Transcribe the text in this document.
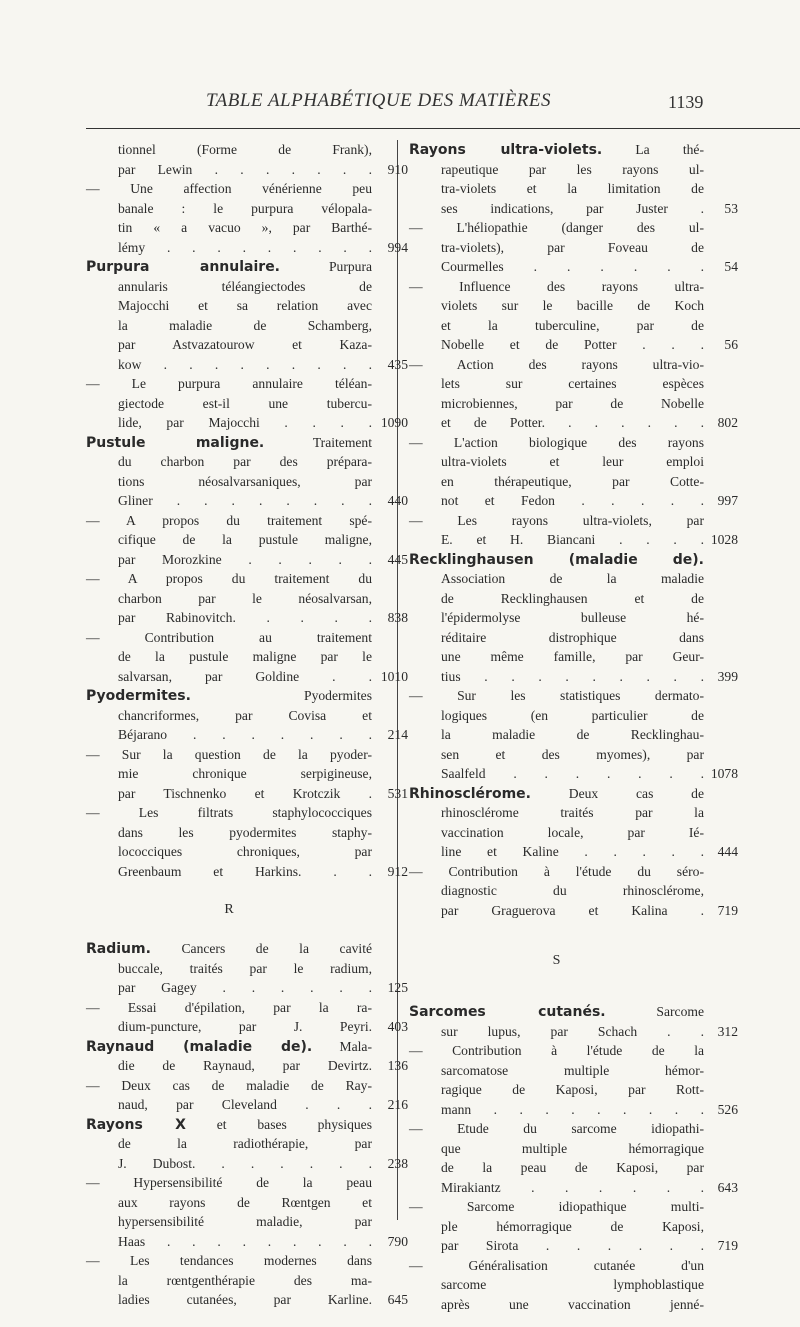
TABLE ALPHABÉTIQUE DES MATIÈRES	1139
tionnel (Forme de Frank),
par Lewin . . . . . . .	910
— Une affection vénérienne peu
banale : le purpura vélopala-
tin « a vacuo », par Barthé-
lémy . . . . . . . . .	994
Purpura annulaire. Purpura
annularis téléangiectodes de
Majocchi et sa relation avec
la maladie de Schamberg,
par Astvazatourow et Kaza-
kow . . . . . . . . .	435
— Le purpura annulaire téléan-
giectode est-il une tubercu-
lide, par Majocchi . . . . 1090
Pustule maligne. Traitement
du charbon par des prépara-
tions néosalvarsaniques, par
Gliner . . . . . . . .	440
— A propos du traitement spé-
cifique de la pustule maligne,
par Morozkine . . . . .	445
— A propos du traitement du
charbon par le néosalvarsan,
par Rabinovitch. . . . .	838
— Contribution au traitement
de la pustule maligne par le
salvarsan, par Goldine . . 1010
Pyodermites. Pyodermites
chancriformes, par Covisa et
Béjarano . . . . . . .	214
— Sur la question de la pyoder-
mie chronique serpigineuse,
par Tischnenko et Krotczik .	531
— Les filtrats staphylococciques
dans les pyodermites staphy-
lococciques chroniques, par
Greenbaum et Harkins. . .	912
R
Radium. Cancers de la cavité
buccale, traités par le radium,
par Gagey . . . . . .	125
— Essai d'épilation, par la ra-
dium-puncture, par J. Peyri.	403
Raynaud (maladie de). Mala-
die de Raynaud, par Devirtz.	136
— Deux cas de maladie de Ray-
naud, par Cleveland . . .	216
Rayons X et bases physiques
de la radiothérapie, par
J. Dubost. . . . . . .	238
— Hypersensibilité de la peau
aux rayons de Rœntgen et
hypersensibilité maladie, par
Haas . . . . . . . . .	790
— Les tendances modernes dans
la rœntgenthérapie des ma-
ladies cutanées, par Karline.	645
Rayons ultra-violets. La thé-
rapeutique par les rayons ul-
tra-violets et la limitation de
ses indications, par Juster .	53
— L'héliopathie (danger des ul-
tra-violets), par Foveau de
Courmelles . . . . . .	54
— Influence des rayons ultra-
violets sur le bacille de Koch
et la tuberculine, par de
Nobelle et de Potter . . .	56
— Action des rayons ultra-vio-
lets sur certaines espèces
microbiennes, par de Nobelle
et de Potter. . . . . . .	802
— L'action biologique des rayons
ultra-violets et leur emploi
en thérapeutique, par Cotte-
not et Fedon . . . . .	997
— Les rayons ultra-violets, par
E. et H. Biancani . . . . 1028
Recklinghausen (maladie de).
Association de la maladie
de Recklinghausen et de
l'épidermolyse bulleuse hé-
réditaire distrophique dans
une même famille, par Geur-
tius . . . . . . . . .	399
— Sur les statistiques dermato-
logiques (en particulier de
la maladie de Recklinghau-
sen et des myomes), par
Saalfeld . . . . . . . 1078
Rhinosclérome. Deux cas de
rhinosclérome traités par la
vaccination locale, par Ié-
line et Kaline . . . . .	444
— Contribution à l'étude du séro-
diagnostic du rhinosclérome,
par Graguerova et Kalina .	719
S
Sarcomes cutanés. Sarcome
sur lupus, par Schach . .	312
— Contribution à l'étude de la
sarcomatose multiple hémor-
ragique de Kaposi, par Rott-
mann . . . . . . . . .	526
— Etude du sarcome idiopathi-
que multiple hémorragique
de la peau de Kaposi, par
Mirakiantz . . . . . .	643
— Sarcome idiopathique multi-
ple hémorragique de Kaposi,
par Sirota . . . . . .	719
— Généralisation cutanée d'un
sarcome lymphoblastique
après une vaccination jenné-
